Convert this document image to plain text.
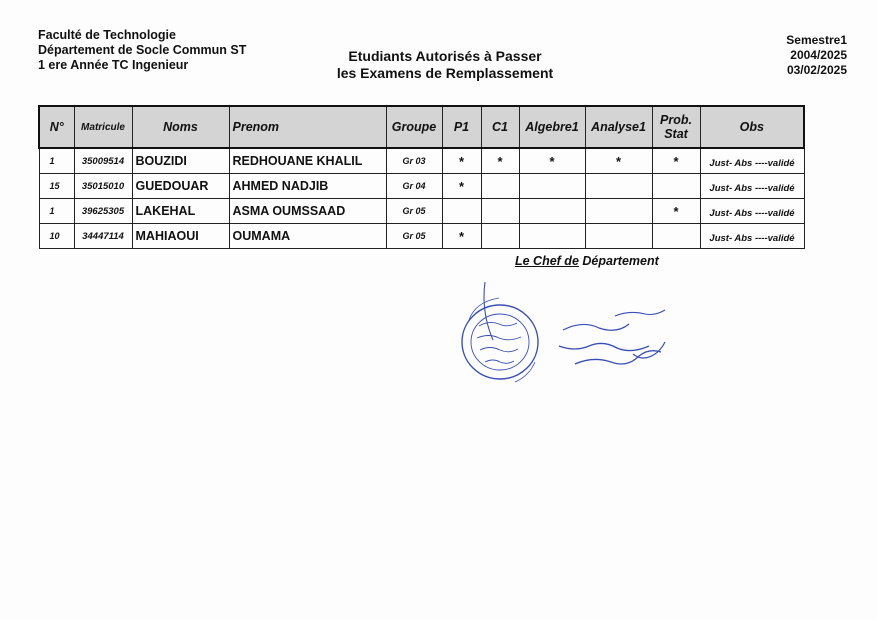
Faculté de Technologie
Département de Socle Commun ST
1 ere Année TC Ingenieur
Etudiants Autorisés à Passer
les Examens de Remplassement
Semestre1
2004/2025
03/02/2025
N°	Matricule	Noms	Prenom	Groupe	P1	C1	Algebre1	Analyse1	Prob. Stat	Obs
1	35009514	BOUZIDI	REDHOUANE KHALIL	Gr 03	*	*	*	*	*	Just- Abs ----validé
15	35015010	GUEDOUAR	AHMED NADJIB	Gr 04	*					Just- Abs ----validé
1	39625305	LAKEHAL	ASMA OUMSSAAD	Gr 05					*	Just- Abs ----validé
10	34447114	MAHIAOUI	OUMAMA	Gr 05	*					Just- Abs ----validé
Le Chef de Département
